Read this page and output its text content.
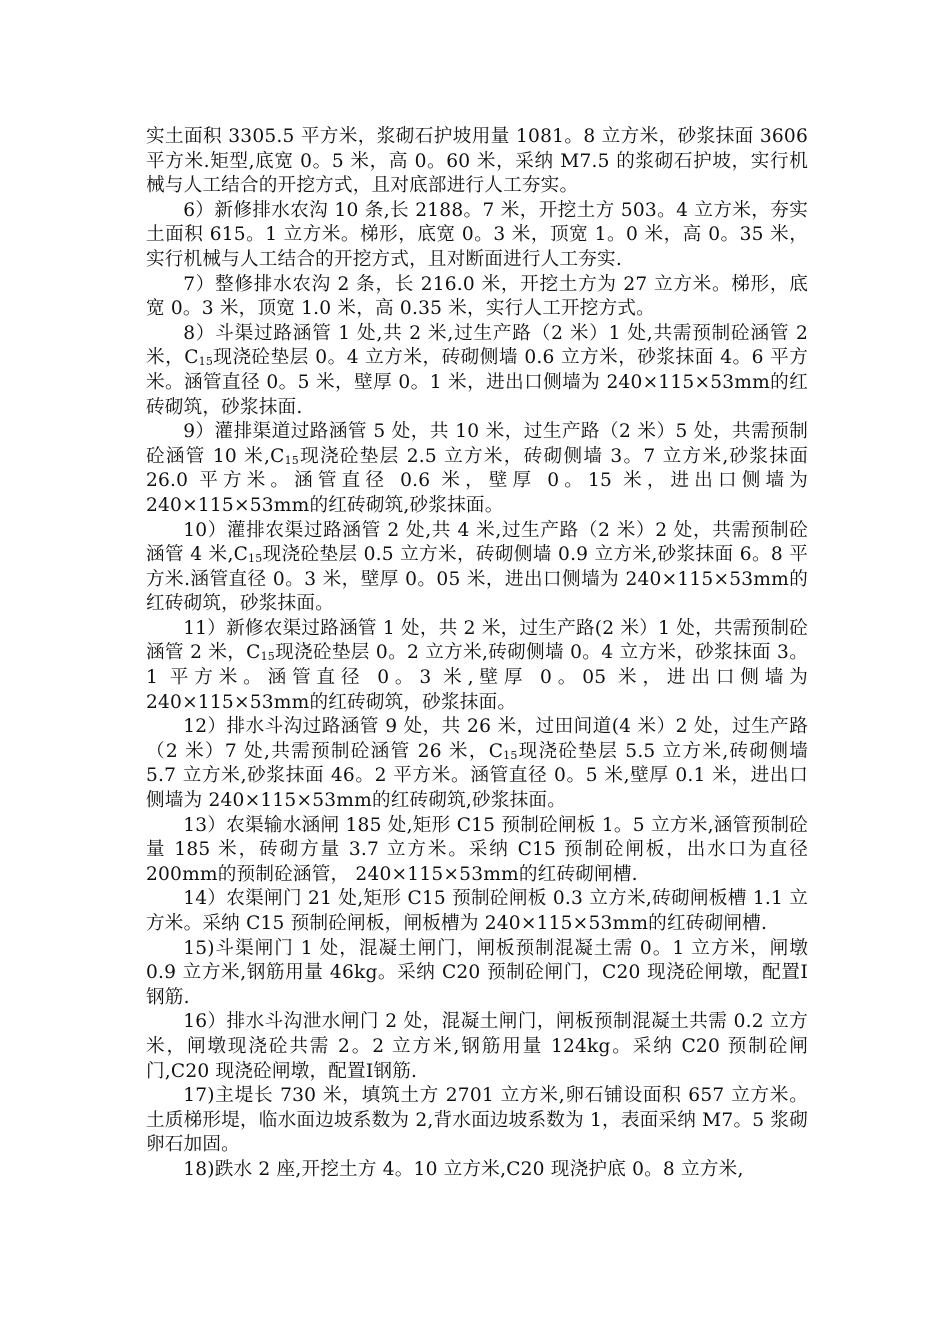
实土面积 3305.5 平方米，浆砌石护坡用量 1081。8 立方米，砂浆抹面 3606 平方米.矩型,底宽 0。5 米，高 0。60 米，采纳 M7.5 的浆砌石护坡，实行机械与人工结合的开挖方式，且对底部进行人工夯实。

6）新修排水农沟 10 条,长 2188。7 米，开挖土方 503。4 立方米，夯实土面积 615。1 立方米。梯形，底宽 0。3 米，顶宽 1。0 米，高 0。35 米，实行机械与人工结合的开挖方式，且对断面进行人工夯实.

7）整修排水农沟 2 条，长 216.0 米，开挖土方为 27 立方米。梯形，底宽 0。3 米，顶宽 1.0 米，高 0.35 米，实行人工开挖方式。

8）斗渠过路涵管 1 处,共 2 米,过生产路（2 米）1 处,共需预制砼涵管 2 米，C15现浇砼垫层 0。4 立方米，砖砌侧墙 0.6 立方米，砂浆抹面 4。6 平方米。涵管直径 0。5 米，壁厚 0。1 米，进出口侧墙为 240×115×53mm的红砖砌筑，砂浆抹面.

9）灌排渠道过路涵管 5 处，共 10 米，过生产路（2 米）5 处，共需预制砼涵管 10 米,C15现浇砼垫层 2.5 立方米，砖砌侧墙 3。7 立方米,砂浆抹面 26.0 平方米。涵管直径 0.6 米，壁厚 0。15 米，进出口侧墙为 240×115×53mm的红砖砌筑,砂浆抹面。

10）灌排农渠过路涵管 2 处,共 4 米,过生产路（2 米）2 处，共需预制砼涵管 4 米,C15现浇砼垫层 0.5 立方米，砖砌侧墙 0.9 立方米,砂浆抹面 6。8 平方米.涵管直径 0。3 米，壁厚 0。05 米，进出口侧墙为 240×115×53mm的红砖砌筑，砂浆抹面。

11）新修农渠过路涵管 1 处，共 2 米，过生产路(2 米）1 处，共需预制砼涵管 2 米，C15现浇砼垫层 0。2 立方米,砖砌侧墙 0。4 立方米，砂浆抹面 3。1 平方米。涵管直径 0。3 米,壁厚 0。05 米，进出口侧墙为 240×115×53mm的红砖砌筑，砂浆抹面。

12）排水斗沟过路涵管 9 处，共 26 米，过田间道(4 米）2 处，过生产路（2 米）7 处,共需预制砼涵管 26 米，C15现浇砼垫层 5.5 立方米,砖砌侧墙 5.7 立方米,砂浆抹面 46。2 平方米。涵管直径 0。5 米,壁厚 0.1 米，进出口侧墙为 240×115×53mm的红砖砌筑,砂浆抹面。

13）农渠输水涵闸 185 处,矩形 C15 预制砼闸板 1。5 立方米,涵管预制砼量 185 米，砖砌方量 3.7 立方米。采纳 C15 预制砼闸板，出水口为直径 200mm的预制砼涵管， 240×115×53mm的红砖砌闸槽.

14）农渠闸门 21 处,矩形 C15 预制砼闸板 0.3 立方米,砖砌闸板槽 1.1 立方米。采纳 C15 预制砼闸板，闸板槽为 240×115×53mm的红砖砌闸槽.

15)斗渠闸门 1 处，混凝土闸门，闸板预制混凝土需 0。1 立方米，闸墩 0.9 立方米,钢筋用量 46kg。采纳 C20 预制砼闸门，C20 现浇砼闸墩，配置Ⅰ钢筋.

16）排水斗沟泄水闸门 2 处，混凝土闸门，闸板预制混凝土共需 0.2 立方米，闸墩现浇砼共需 2。2 立方米,钢筋用量 124kg。采纳 C20 预制砼闸门,C20 现浇砼闸墩，配置Ⅰ钢筋.

17)主堤长 730 米，填筑土方 2701 立方米,卵石铺设面积 657 立方米。土质梯形堤，临水面边坡系数为 2,背水面边坡系数为 1，表面采纳 M7。5 浆砌卵石加固。

18)跌水 2 座,开挖土方 4。10 立方米,C20 现浇护底 0。8 立方米,
